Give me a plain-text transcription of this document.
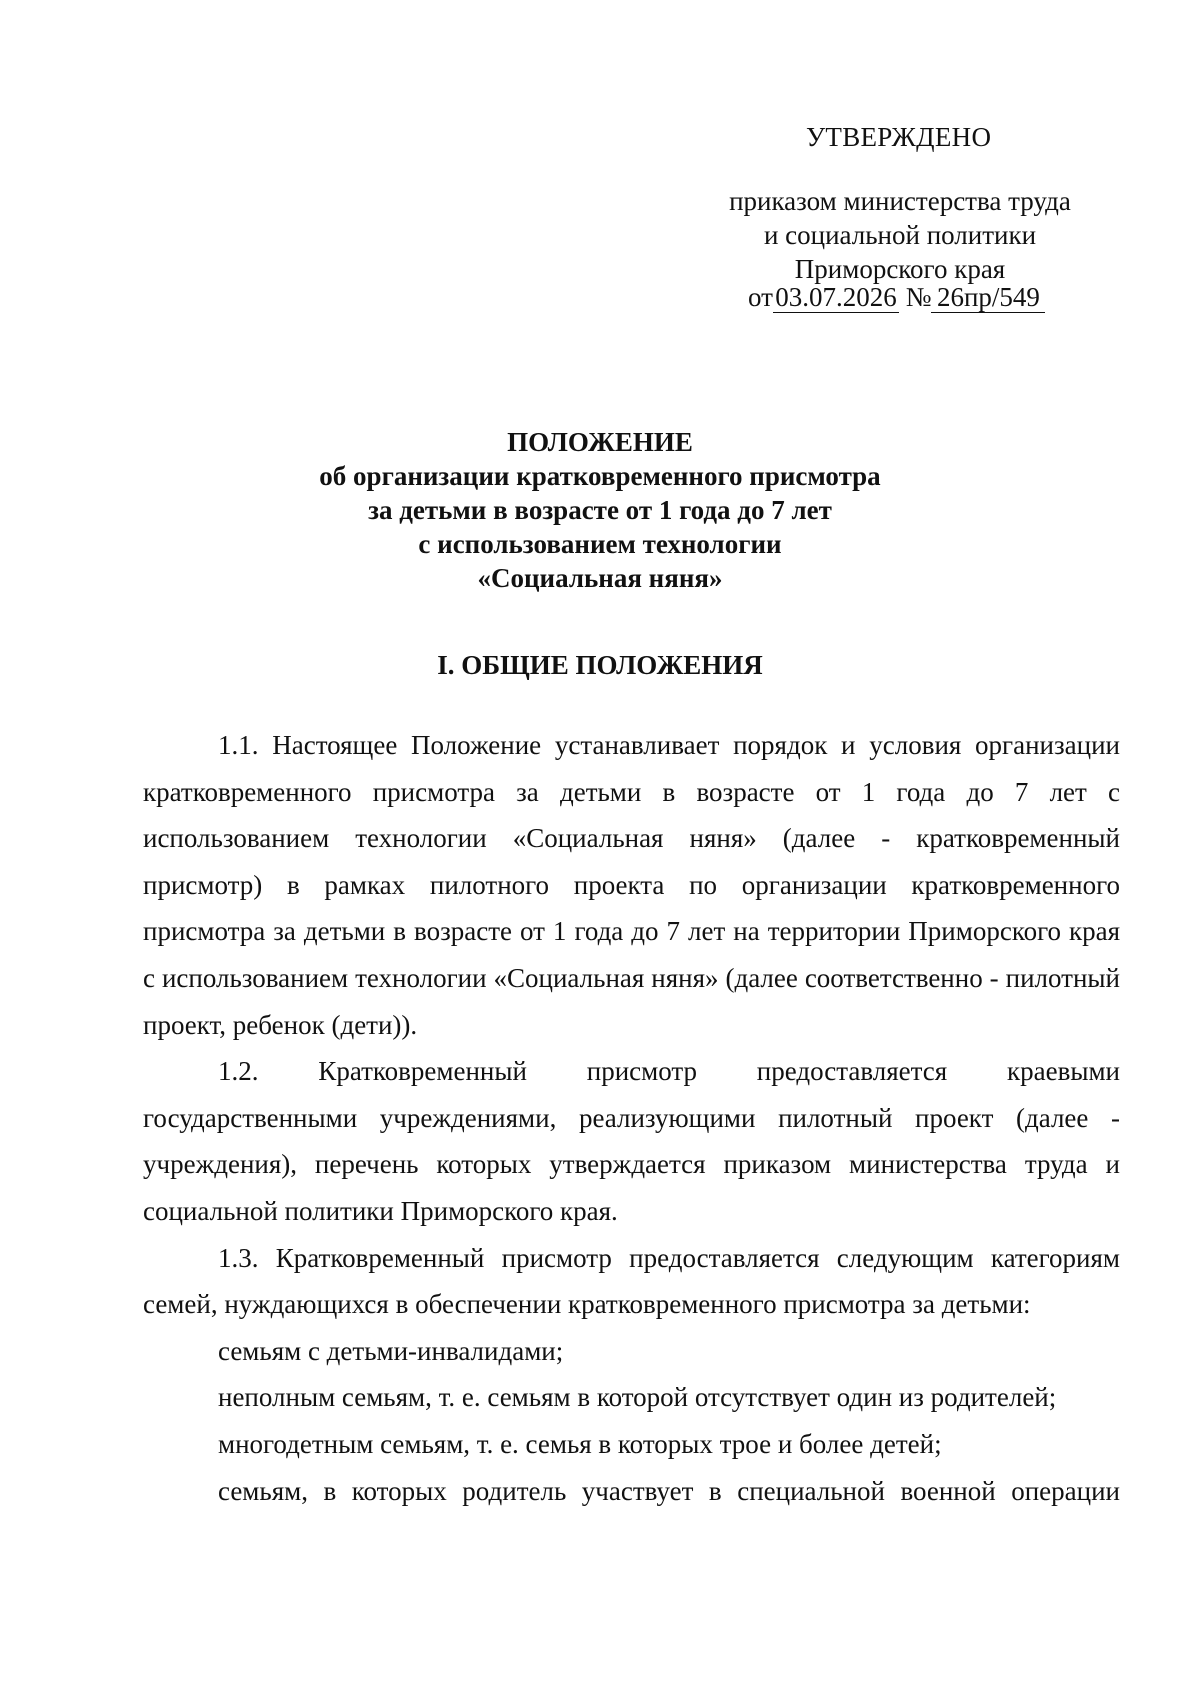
УТВЕРЖДЕНО
приказом министерства труда
и социальной политики
Приморского края
от03.07.2026 № 26пр/549
ПОЛОЖЕНИЕ
об организации кратковременного присмотра
за детьми в возрасте от 1 года до 7 лет
с использованием технологии
«Социальная няня»
I. ОБЩИЕ ПОЛОЖЕНИЯ

1.1. Настоящее Положение устанавливает порядок и условия организации кратковременного присмотра за детьми в возрасте от 1 года до 7 лет с использованием технологии «Социальная няня» (далее - кратковременный присмотр) в рамках пилотного проекта по организации кратковременного присмотра за детьми в возрасте от 1 года до 7 лет на территории Приморского края с использованием технологии «Социальная няня» (далее соответственно - пилотный проект, ребенок (дети)).

1.2. Кратковременный присмотр предоставляется краевыми государственными учреждениями, реализующими пилотный проект (далее - учреждения), перечень которых утверждается приказом министерства труда и социальной политики Приморского края.

1.3. Кратковременный присмотр предоставляется следующим категориям семей, нуждающихся в обеспечении кратковременного присмотра за детьми:

семьям с детьми-инвалидами;

неполным семьям, т. е. семьям в которой отсутствует один из родителей;

многодетным семьям, т. е. семья в которых трое и более детей;

семьям, в которых родитель участвует в специальной военной операции
